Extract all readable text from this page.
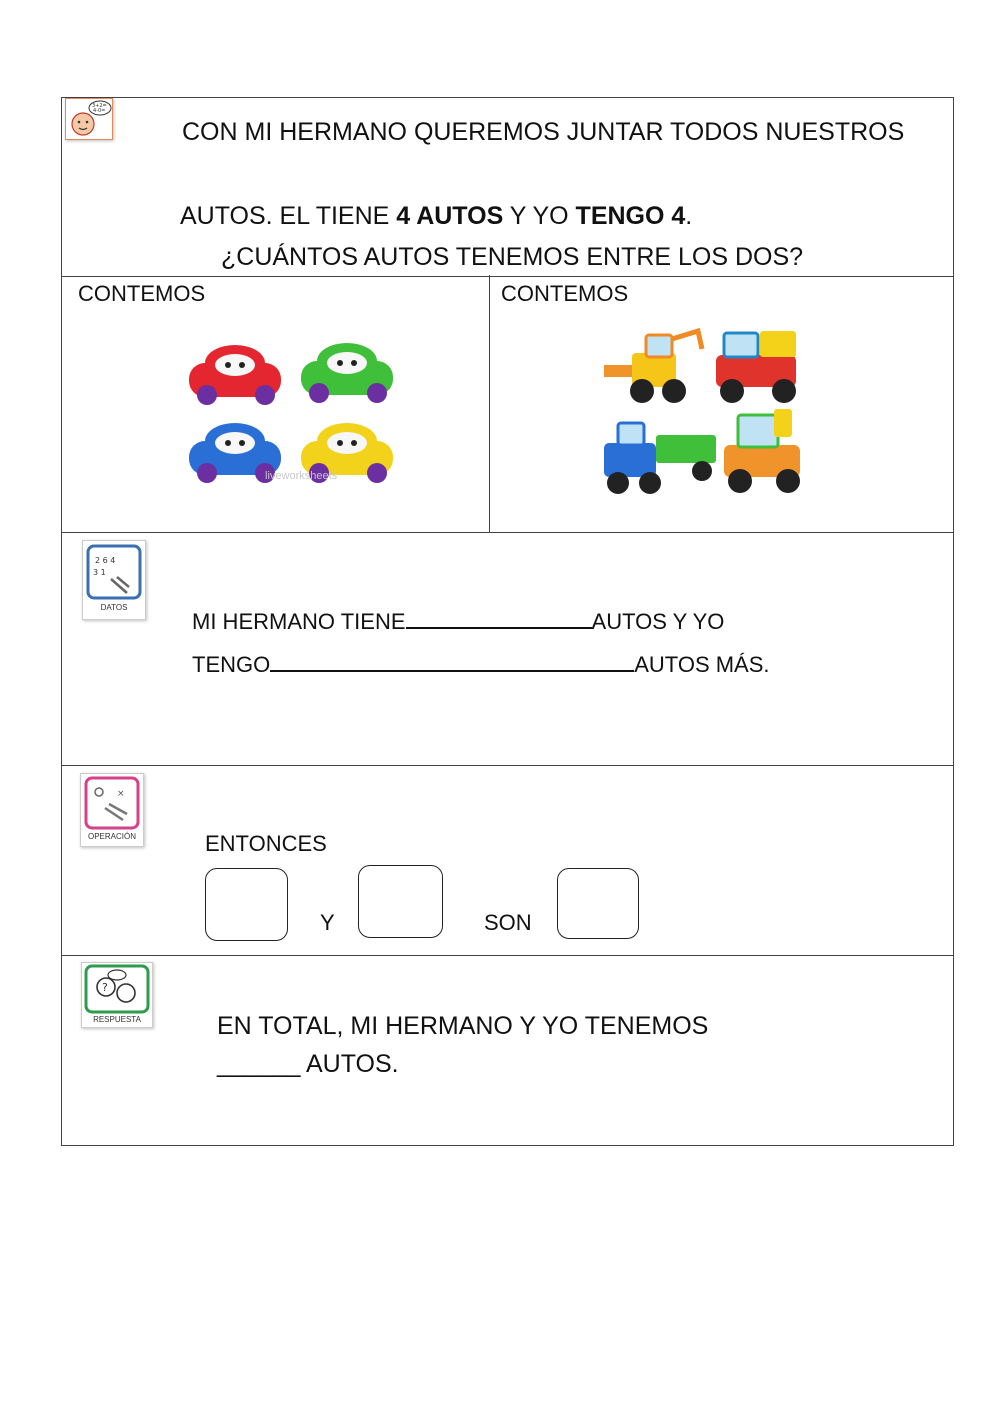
3+2=
4-0=
CON MI HERMANO QUEREMOS JUNTAR TODOS NUESTROS
AUTOS. EL TIENE 4 AUTOS Y YO TENGO 4.
¿CUÁNTOS AUTOS TENEMOS ENTRE LOS DOS?
CONTEMOS	CONTEMOS
2 6 4
3 1
DATOS
MI HERMANO TIENE	AUTOS Y YO
TENGO	AUTOS MÁS.
×
OPERACIÓN	ENTONCES
Y	SON
?
RESPUESTA	EN TOTAL, MI HERMANO Y YO TENEMOS
______ AUTOS.
liveworksheets
